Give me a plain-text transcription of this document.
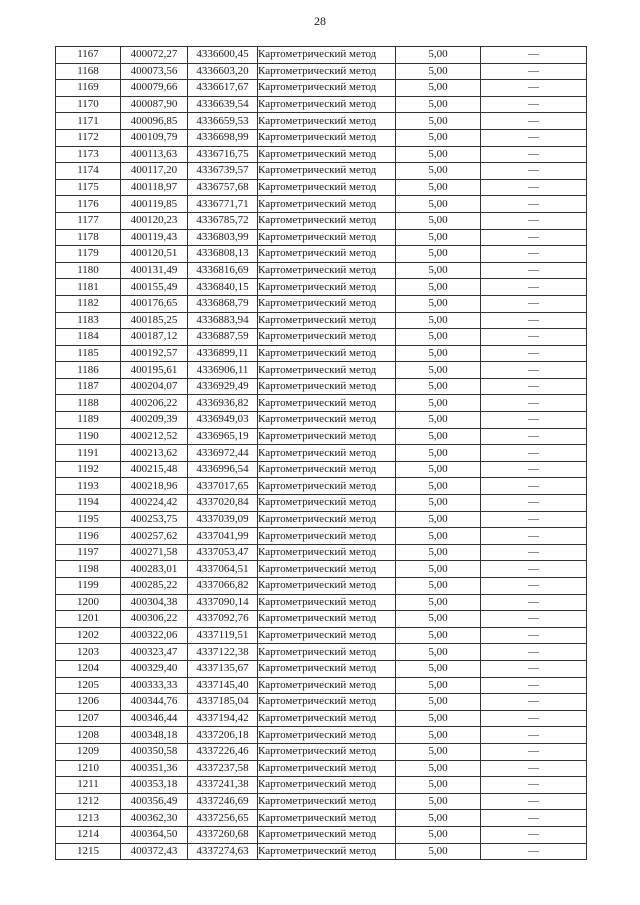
28
1167	400072,27	4336600,45	Картометрический метод	5,00	—
1168	400073,56	4336603,20	Картометрический метод	5,00	—
1169	400079,66	4336617,67	Картометрический метод	5,00	—
1170	400087,90	4336639,54	Картометрический метод	5,00	—
1171	400096,85	4336659,53	Картометрический метод	5,00	—
1172	400109,79	4336698,99	Картометрический метод	5,00	—
1173	400113,63	4336716,75	Картометрический метод	5,00	—
1174	400117,20	4336739,57	Картометрический метод	5,00	—
1175	400118,97	4336757,68	Картометрический метод	5,00	—
1176	400119,85	4336771,71	Картометрический метод	5,00	—
1177	400120,23	4336785,72	Картометрический метод	5,00	—
1178	400119,43	4336803,99	Картометрический метод	5,00	—
1179	400120,51	4336808,13	Картометрический метод	5,00	—
1180	400131,49	4336816,69	Картометрический метод	5,00	—
1181	400155,49	4336840,15	Картометрический метод	5,00	—
1182	400176,65	4336868,79	Картометрический метод	5,00	—
1183	400185,25	4336883,94	Картометрический метод	5,00	—
1184	400187,12	4336887,59	Картометрический метод	5,00	—
1185	400192,57	4336899,11	Картометрический метод	5,00	—
1186	400195,61	4336906,11	Картометрический метод	5,00	—
1187	400204,07	4336929,49	Картометрический метод	5,00	—
1188	400206,22	4336936,82	Картометрический метод	5,00	—
1189	400209,39	4336949,03	Картометрический метод	5,00	—
1190	400212,52	4336965,19	Картометрический метод	5,00	—
1191	400213,62	4336972,44	Картометрический метод	5,00	—
1192	400215,48	4336996,54	Картометрический метод	5,00	—
1193	400218,96	4337017,65	Картометрический метод	5,00	—
1194	400224,42	4337020,84	Картометрический метод	5,00	—
1195	400253,75	4337039,09	Картометрический метод	5,00	—
1196	400257,62	4337041,99	Картометрический метод	5,00	—
1197	400271,58	4337053,47	Картометрический метод	5,00	—
1198	400283,01	4337064,51	Картометрический метод	5,00	—
1199	400285,22	4337066,82	Картометрический метод	5,00	—
1200	400304,38	4337090,14	Картометрический метод	5,00	—
1201	400306,22	4337092,76	Картометрический метод	5,00	—
1202	400322,06	4337119,51	Картометрический метод	5,00	—
1203	400323,47	4337122,38	Картометрический метод	5,00	—
1204	400329,40	4337135,67	Картометрический метод	5,00	—
1205	400333,33	4337145,40	Картометрический метод	5,00	—
1206	400344,76	4337185,04	Картометрический метод	5,00	—
1207	400346,44	4337194,42	Картометрический метод	5,00	—
1208	400348,18	4337206,18	Картометрический метод	5,00	—
1209	400350,58	4337226,46	Картометрический метод	5,00	—
1210	400351,36	4337237,58	Картометрический метод	5,00	—
1211	400353,18	4337241,38	Картометрический метод	5,00	—
1212	400356,49	4337246,69	Картометрический метод	5,00	—
1213	400362,30	4337256,65	Картометрический метод	5,00	—
1214	400364,50	4337260,68	Картометрический метод	5,00	—
1215	400372,43	4337274,63	Картометрический метод	5,00	—
